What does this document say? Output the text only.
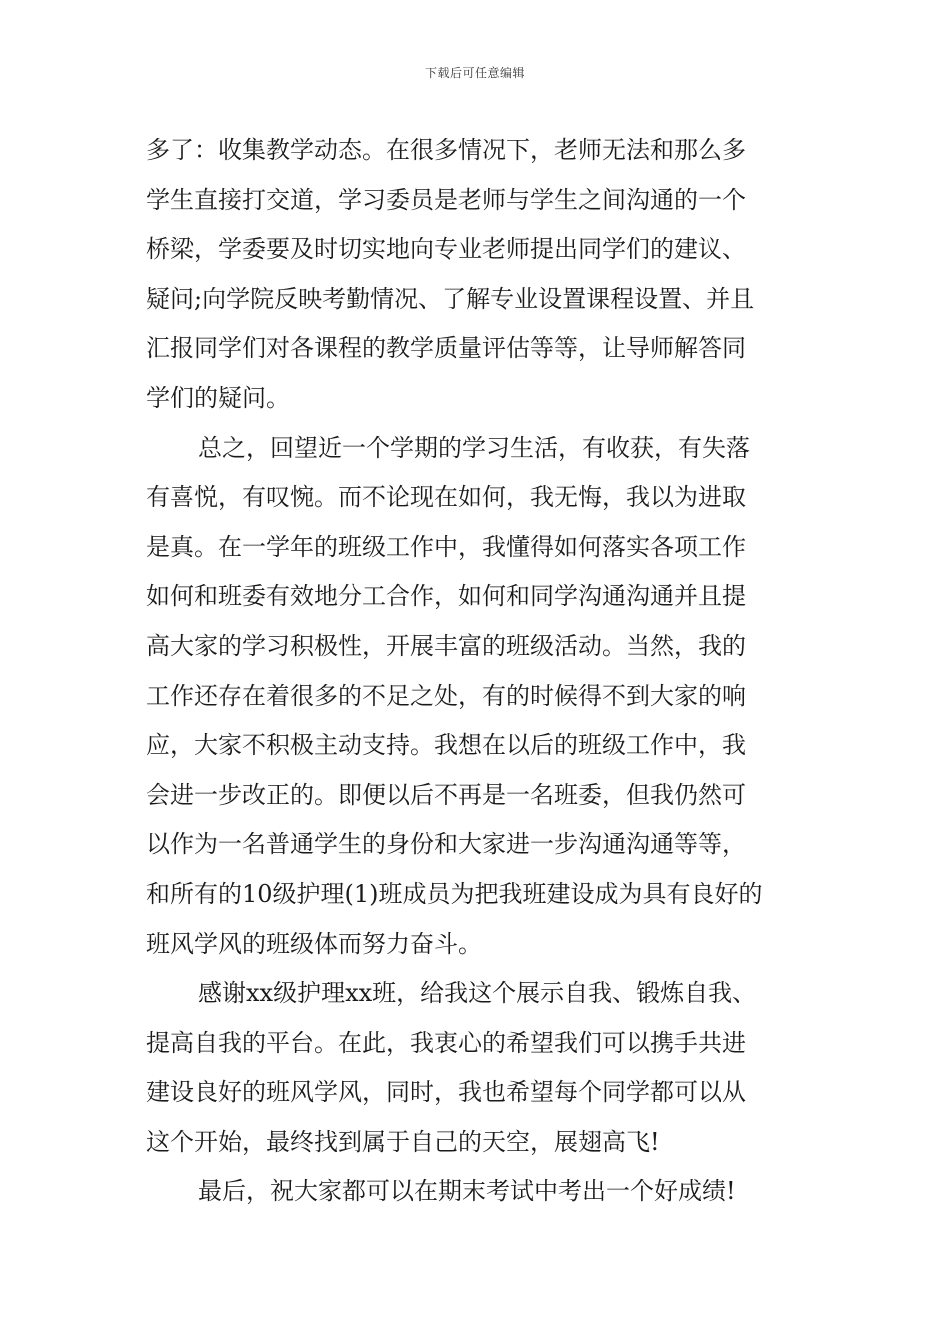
下载后可任意编辑
多了：收集教学动态。在很多情况下，老师无法和那么多
学生直接打交道，学习委员是老师与学生之间沟通的一个
桥梁，学委要及时切实地向专业老师提出同学们的建议、
疑问;向学院反映考勤情况、了解专业设置课程设置、并且
汇报同学们对各课程的教学质量评估等等，让导师解答同
学们的疑问。
总之，回望近一个学期的学习生活，有收获，有失落
有喜悦，有叹惋。而不论现在如何，我无悔，我以为进取
是真。在一学年的班级工作中，我懂得如何落实各项工作
如何和班委有效地分工合作，如何和同学沟通沟通并且提
高大家的学习积极性，开展丰富的班级活动。当然，我的
工作还存在着很多的不足之处，有的时候得不到大家的响
应，大家不积极主动支持。我想在以后的班级工作中，我
会进一步改正的。即便以后不再是一名班委，但我仍然可
以作为一名普通学生的身份和大家进一步沟通沟通等等，
和所有的10级护理(1)班成员为把我班建设成为具有良好的
班风学风的班级体而努力奋斗。
感谢xx级护理xx班，给我这个展示自我、锻炼自我、
提高自我的平台。在此，我衷心的希望我们可以携手共进
建设良好的班风学风，同时，我也希望每个同学都可以从
这个开始，最终找到属于自己的天空，展翅高飞!
最后，祝大家都可以在期末考试中考出一个好成绩!
